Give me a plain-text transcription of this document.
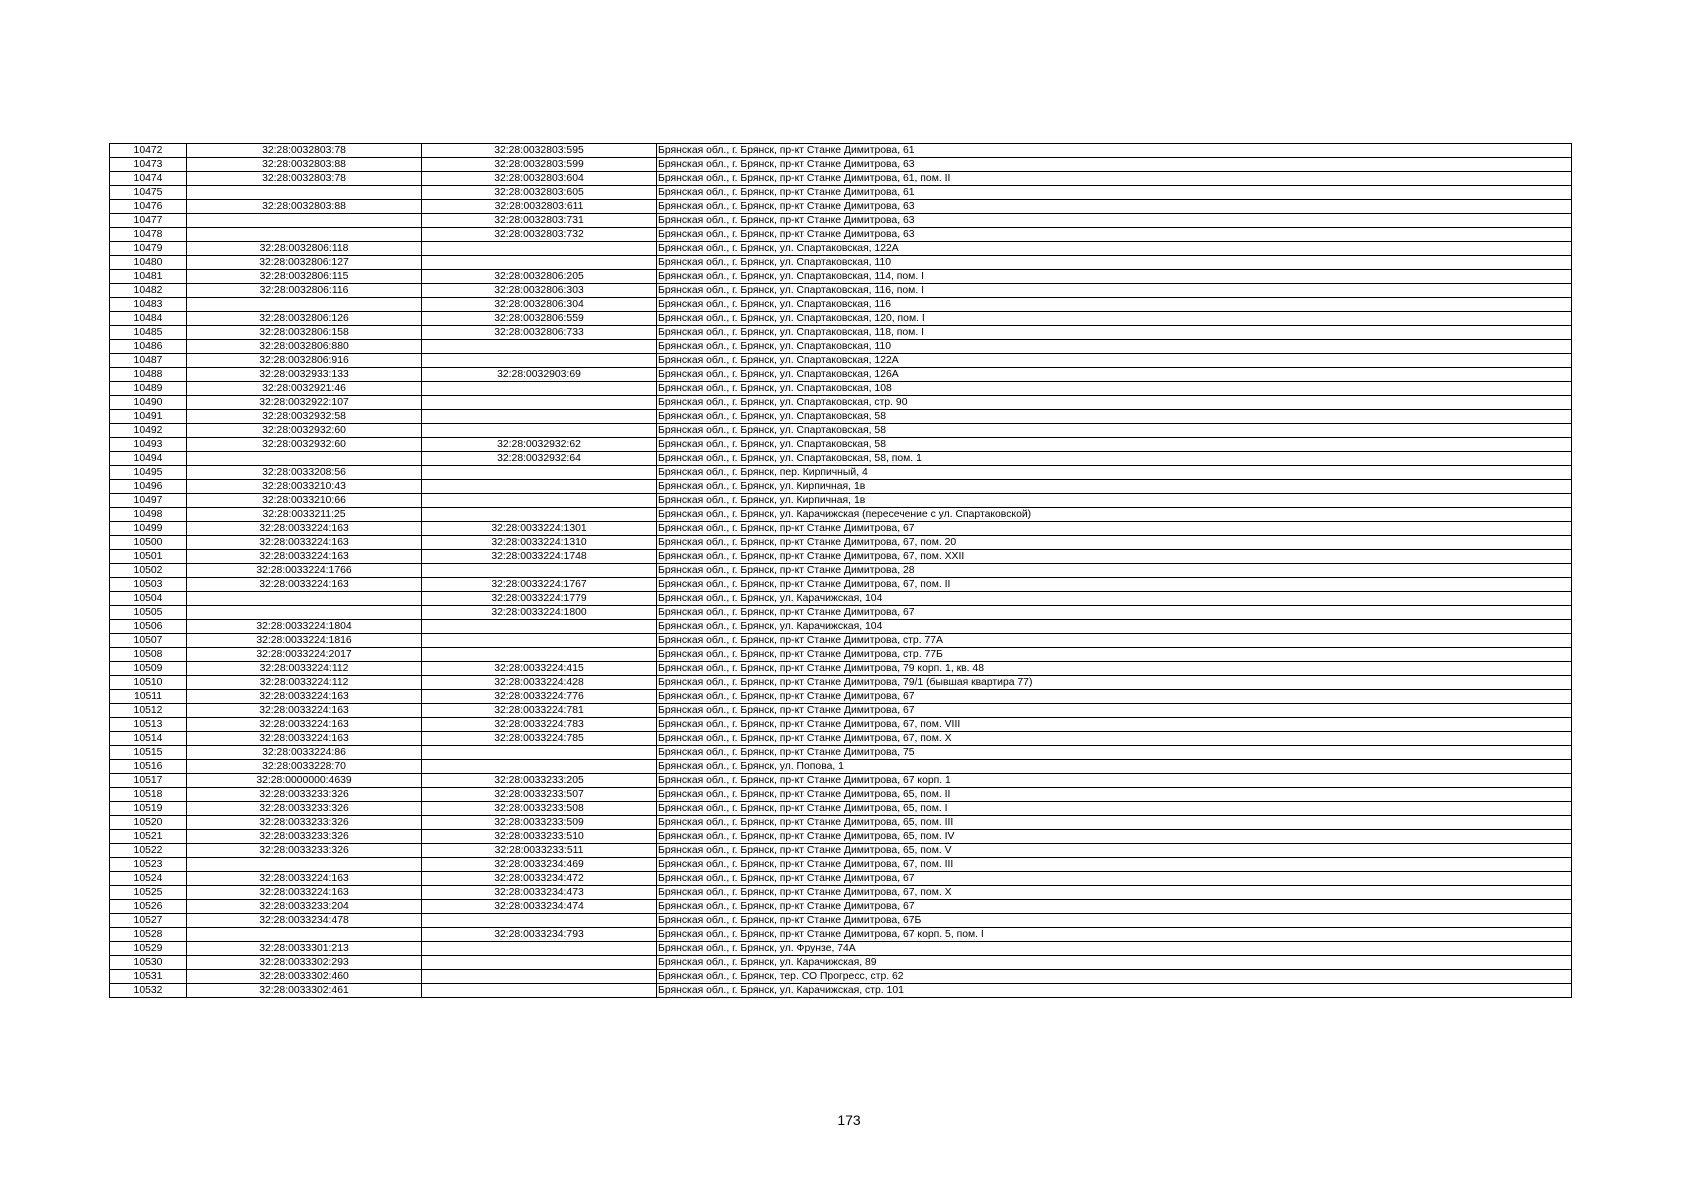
10472	32:28:0032803:78	32:28:0032803:595	Брянская обл., г. Брянск, пр-кт Станке Димитрова, 61
10473	32:28:0032803:88	32:28:0032803:599	Брянская обл., г. Брянск, пр-кт Станке Димитрова, 63
10474	32:28:0032803:78	32:28:0032803:604	Брянская обл., г. Брянск, пр-кт Станке Димитрова, 61, пом. II
10475		32:28:0032803:605	Брянская обл., г. Брянск, пр-кт Станке Димитрова, 61
10476	32:28:0032803:88	32:28:0032803:611	Брянская обл., г. Брянск, пр-кт Станке Димитрова, 63
10477		32:28:0032803:731	Брянская обл., г. Брянск, пр-кт Станке Димитрова, 63
10478		32:28:0032803:732	Брянская обл., г. Брянск, пр-кт Станке Димитрова, 63
10479	32:28:0032806:118		Брянская обл., г. Брянск, ул. Спартаковская, 122А
10480	32:28:0032806:127		Брянская обл., г. Брянск, ул. Спартаковская, 110
10481	32:28:0032806:115	32:28:0032806:205	Брянская обл., г. Брянск, ул. Спартаковская, 114, пом. I
10482	32:28:0032806:116	32:28:0032806:303	Брянская обл., г. Брянск, ул. Спартаковская, 116, пом. I
10483		32:28:0032806:304	Брянская обл., г. Брянск, ул. Спартаковская, 116
10484	32:28:0032806:126	32:28:0032806:559	Брянская обл., г. Брянск, ул. Спартаковская, 120, пом. I
10485	32:28:0032806:158	32:28:0032806:733	Брянская обл., г. Брянск, ул. Спартаковская, 118, пом. I
10486	32:28:0032806:880		Брянская обл., г. Брянск, ул. Спартаковская, 110
10487	32:28:0032806:916		Брянская обл., г. Брянск, ул. Спартаковская, 122А
10488	32:28:0032933:133	32:28:0032903:69	Брянская обл., г. Брянск, ул. Спартаковская, 126А
10489	32:28:0032921:46		Брянская обл., г. Брянск, ул. Спартаковская, 108
10490	32:28:0032922:107		Брянская обл., г. Брянск, ул. Спартаковская, стр. 90
10491	32:28:0032932:58		Брянская обл., г. Брянск, ул. Спартаковская, 58
10492	32:28:0032932:60		Брянская обл., г. Брянск, ул. Спартаковская, 58
10493	32:28:0032932:60	32:28:0032932:62	Брянская обл., г. Брянск, ул. Спартаковская, 58
10494		32:28:0032932:64	Брянская обл., г. Брянск, ул. Спартаковская, 58, пом. 1
10495	32:28:0033208:56		Брянская обл., г. Брянск, пер. Кирпичный, 4
10496	32:28:0033210:43		Брянская обл., г. Брянск, ул. Кирпичная, 1в
10497	32:28:0033210:66		Брянская обл., г. Брянск, ул. Кирпичная, 1в
10498	32:28:0033211:25		Брянская обл., г. Брянск, ул. Карачижская (пересечение с ул. Спартаковской)
10499	32:28:0033224:163	32:28:0033224:1301	Брянская обл., г. Брянск, пр-кт Станке Димитрова, 67
10500	32:28:0033224:163	32:28:0033224:1310	Брянская обл., г. Брянск, пр-кт Станке Димитрова, 67, пом. 20
10501	32:28:0033224:163	32:28:0033224:1748	Брянская обл., г. Брянск, пр-кт Станке Димитрова, 67, пом. XXII
10502	32:28:0033224:1766		Брянская обл., г. Брянск, пр-кт Станке Димитрова, 28
10503	32:28:0033224:163	32:28:0033224:1767	Брянская обл., г. Брянск, пр-кт Станке Димитрова, 67, пом. II
10504		32:28:0033224:1779	Брянская обл., г. Брянск, ул. Карачижская, 104
10505		32:28:0033224:1800	Брянская обл., г. Брянск, пр-кт Станке Димитрова, 67
10506	32:28:0033224:1804		Брянская обл., г. Брянск, ул. Карачижская, 104
10507	32:28:0033224:1816		Брянская обл., г. Брянск, пр-кт Станке Димитрова, стр. 77А
10508	32:28:0033224:2017		Брянская обл., г. Брянск, пр-кт Станке Димитрова, стр. 77Б
10509	32:28:0033224:112	32:28:0033224:415	Брянская обл., г. Брянск, пр-кт Станке Димитрова, 79 корп. 1, кв. 48
10510	32:28:0033224:112	32:28:0033224:428	Брянская обл., г. Брянск, пр-кт Станке Димитрова, 79/1 (бывшая квартира 77)
10511	32:28:0033224:163	32:28:0033224:776	Брянская обл., г. Брянск, пр-кт Станке Димитрова, 67
10512	32:28:0033224:163	32:28:0033224:781	Брянская обл., г. Брянск, пр-кт Станке Димитрова, 67
10513	32:28:0033224:163	32:28:0033224:783	Брянская обл., г. Брянск, пр-кт Станке Димитрова, 67, пом. VIII
10514	32:28:0033224:163	32:28:0033224:785	Брянская обл., г. Брянск, пр-кт Станке Димитрова, 67, пом. X
10515	32:28:0033224:86		Брянская обл., г. Брянск, пр-кт Станке Димитрова, 75
10516	32:28:0033228:70		Брянская обл., г. Брянск, ул. Попова, 1
10517	32:28:0000000:4639	32:28:0033233:205	Брянская обл., г. Брянск, пр-кт Станке Димитрова, 67 корп. 1
10518	32:28:0033233:326	32:28:0033233:507	Брянская обл., г. Брянск, пр-кт Станке Димитрова, 65, пом. II
10519	32:28:0033233:326	32:28:0033233:508	Брянская обл., г. Брянск, пр-кт Станке Димитрова, 65, пом. I
10520	32:28:0033233:326	32:28:0033233:509	Брянская обл., г. Брянск, пр-кт Станке Димитрова, 65, пом. III
10521	32:28:0033233:326	32:28:0033233:510	Брянская обл., г. Брянск, пр-кт Станке Димитрова, 65, пом. IV
10522	32:28:0033233:326	32:28:0033233:511	Брянская обл., г. Брянск, пр-кт Станке Димитрова, 65, пом. V
10523		32:28:0033234:469	Брянская обл., г. Брянск, пр-кт Станке Димитрова, 67, пом. III
10524	32:28:0033224:163	32:28:0033234:472	Брянская обл., г. Брянск, пр-кт Станке Димитрова, 67
10525	32:28:0033224:163	32:28:0033234:473	Брянская обл., г. Брянск, пр-кт Станке Димитрова, 67, пом. X
10526	32:28:0033233:204	32:28:0033234:474	Брянская обл., г. Брянск, пр-кт Станке Димитрова, 67
10527	32:28:0033234:478		Брянская обл., г. Брянск, пр-кт Станке Димитрова, 67Б
10528		32:28:0033234:793	Брянская обл., г. Брянск, пр-кт Станке Димитрова, 67 корп. 5, пом. I
10529	32:28:0033301:213		Брянская обл., г. Брянск, ул. Фрунзе, 74А
10530	32:28:0033302:293		Брянская обл., г. Брянск, ул. Карачижская, 89
10531	32:28:0033302:460		Брянская обл., г. Брянск, тер. СО Прогресс, стр. 62
10532	32:28:0033302:461		Брянская обл., г. Брянск, ул. Карачижская, стр. 101
173
